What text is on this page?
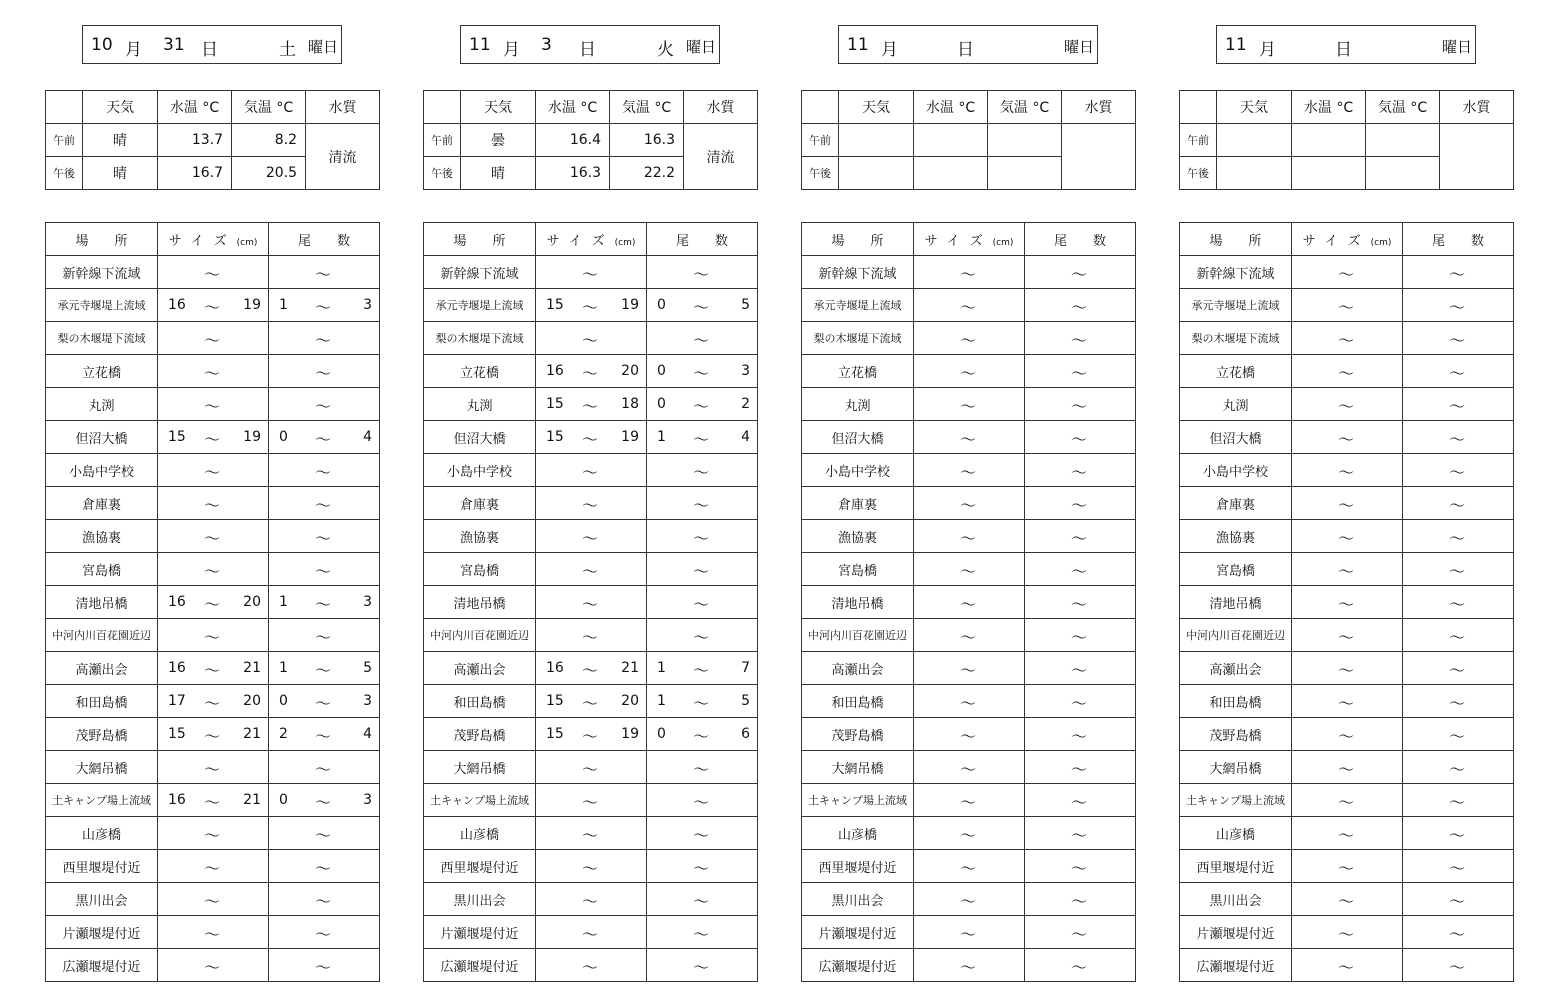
10 月 31 日	土 曜日
	天気	水温 °C	気温 °C	水質
午前	晴	13.7	8.2	清流
午後	晴	16.7	20.5	
場　　所	サイズ(cm)	尾　　数
新幹線下流域	〜	〜

承元寺堰堤上流域	16 〜 19	1 〜 3

梨の木堰堤下流域	〜	〜

立花橋	〜	〜

丸渕	〜	〜

但沼大橋	15 〜 19	0 〜 4

小島中学校	〜	〜

倉庫裏	〜	〜

漁協裏	〜	〜

宮島橋	〜	〜

清地吊橋	16 〜 20	1 〜 3

中河内川百花園近辺	〜	〜

高瀬出会	16 〜 21	1 〜 5

和田島橋	17 〜 20	0 〜 3

茂野島橋	15 〜 21	2 〜 4

大網吊橋	〜	〜

土キャンプ場上流域	16 〜 21	0 〜 3

山彦橋	〜	〜

西里堰堤付近	〜	〜

黒川出会	〜	〜

片瀬堰堤付近	〜	〜

広瀬堰堤付近	〜	〜
11 月 3 日	火 曜日
	天気	水温 °C	気温 °C	水質
午前	曇	16.4	16.3	清流
午後	晴	16.3	22.2	
場　　所	サイズ(cm)	尾　　数
新幹線下流域	〜	〜

承元寺堰堤上流域	15 〜 19	0 〜 5

梨の木堰堤下流域	〜	〜

立花橋	16 〜 20	0 〜 3

丸渕	15 〜 18	0 〜 2

但沼大橋	15 〜 19	1 〜 4

小島中学校	〜	〜

倉庫裏	〜	〜

漁協裏	〜	〜

宮島橋	〜	〜

清地吊橋	〜	〜

中河内川百花園近辺	〜	〜

高瀬出会	16 〜 21	1 〜 7

和田島橋	15 〜 20	1 〜 5

茂野島橋	15 〜 19	0 〜 6

大網吊橋	〜	〜

土キャンプ場上流域	〜	〜

山彦橋	〜	〜

西里堰堤付近	〜	〜

黒川出会	〜	〜

片瀬堰堤付近	〜	〜

広瀬堰堤付近	〜	〜
11 月	日	曜日
	天気	水温 °C	気温 °C	水質
午前				
午後				
場　　所	サイズ(cm)	尾　　数
新幹線下流域	〜	〜

承元寺堰堤上流域	〜	〜

梨の木堰堤下流域	〜	〜

立花橋	〜	〜

丸渕	〜	〜

但沼大橋	〜	〜

小島中学校	〜	〜

倉庫裏	〜	〜

漁協裏	〜	〜

宮島橋	〜	〜

清地吊橋	〜	〜

中河内川百花園近辺	〜	〜

高瀬出会	〜	〜

和田島橋	〜	〜

茂野島橋	〜	〜

大網吊橋	〜	〜

土キャンプ場上流域	〜	〜

山彦橋	〜	〜

西里堰堤付近	〜	〜

黒川出会	〜	〜

片瀬堰堤付近	〜	〜

広瀬堰堤付近	〜	〜
11 月	日	曜日
	天気	水温 °C	気温 °C	水質
午前				
午後				
場　　所	サイズ(cm)	尾　　数
新幹線下流域	〜	〜

承元寺堰堤上流域	〜	〜

梨の木堰堤下流域	〜	〜

立花橋	〜	〜

丸渕	〜	〜

但沼大橋	〜	〜

小島中学校	〜	〜

倉庫裏	〜	〜

漁協裏	〜	〜

宮島橋	〜	〜

清地吊橋	〜	〜

中河内川百花園近辺	〜	〜

高瀬出会	〜	〜

和田島橋	〜	〜

茂野島橋	〜	〜

大網吊橋	〜	〜

土キャンプ場上流域	〜	〜

山彦橋	〜	〜

西里堰堤付近	〜	〜

黒川出会	〜	〜

片瀬堰堤付近	〜	〜

広瀬堰堤付近	〜	〜
